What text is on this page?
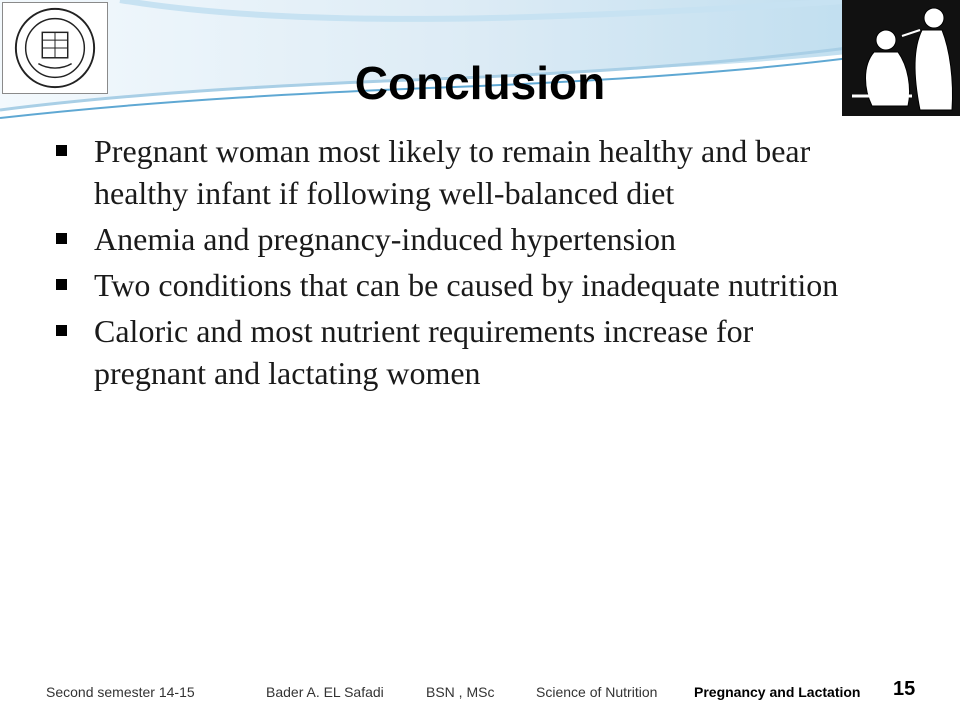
Conclusion
Pregnant woman most likely to remain healthy and bear healthy infant if following well-balanced diet
Anemia and pregnancy-induced hypertension
Two conditions that can be caused by inadequate nutrition
Caloric and most nutrient requirements increase for pregnant and lactating women
Second semester 14-15	Bader A. EL Safadi	BSN , MSc	Science of Nutrition	Pregnancy and Lactation 15
